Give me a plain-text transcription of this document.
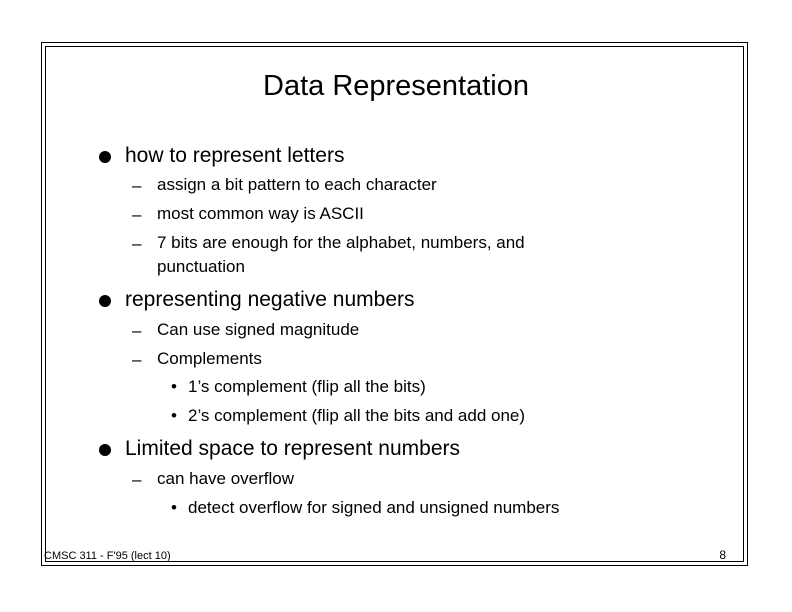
Data Representation
how to represent letters
– assign a bit pattern to each character
– most common way is ASCII
– 7 bits are enough for the alphabet, numbers, and
punctuation
representing negative numbers
– Can use signed magnitude
– Complements
• 1’s complement (flip all the bits)
• 2’s complement (flip all the bits and add one)
Limited space to represent numbers
– can have overflow
• detect overflow for signed and unsigned numbers
CMSC 311 - F'95 (lect 10)	8
